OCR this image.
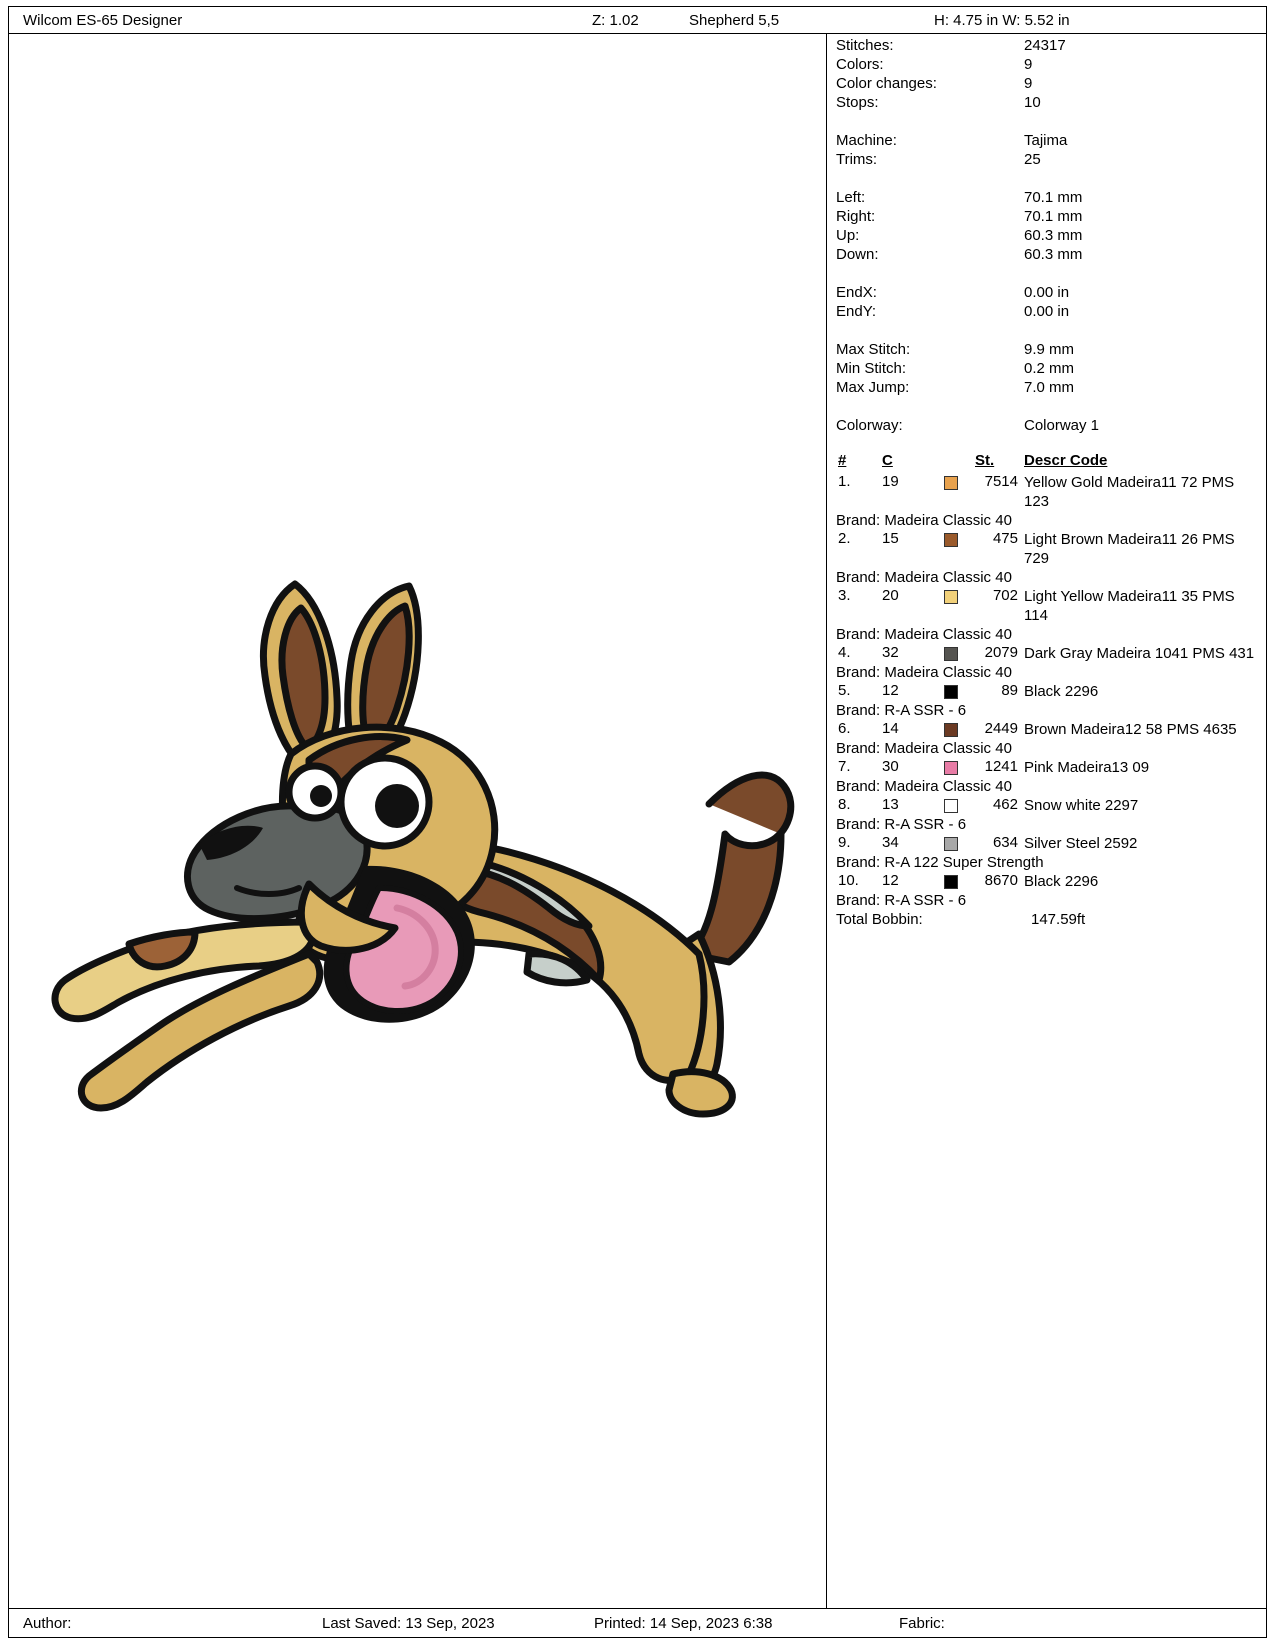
Wilcom ES-65 Designer	Z: 1.02	Shepherd 5,5	H: 4.75 in W: 5.52 in
Stitches:	24317
Colors:	9
Color changes:	9
Stops:	10
Machine:	Tajima
Trims:	25
Left:	70.1 mm
Right:	70.1 mm
Up:	60.3 mm
Down:	60.3 mm
EndX:	0.00 in
EndY:	0.00 in
Max Stitch:	9.9 mm
Min Stitch:	0.2 mm
Max Jump:	7.0 mm
Colorway:	Colorway 1
# C	St. Descr Code
1. 19	7514 Yellow Gold Madeira11 72 PMS 123
Brand: Madeira Classic 40
2. 15	475 Light Brown Madeira11 26 PMS 729
Brand: Madeira Classic 40
3. 20	702 Light Yellow Madeira11 35 PMS 114
Brand: Madeira Classic 40
4. 32	2079 Dark Gray Madeira 1041 PMS 431
Brand: Madeira Classic 40
5. 12	89 Black 2296
Brand: R-A SSR - 6
6. 14	2449 Brown Madeira12 58 PMS 4635
Brand: Madeira Classic 40
7. 30	1241 Pink Madeira13 09
Brand: Madeira Classic 40
8. 13	462 Snow white 2297
Brand: R-A SSR - 6
9. 34	634 Silver Steel 2592
Brand: R-A 122 Super Strength
10. 12	8670 Black 2296
Brand: R-A SSR - 6
Total Bobbin:	147.59ft
Author:	Last Saved: 13 Sep, 2023	Printed: 14 Sep, 2023 6:38	Fabric:
